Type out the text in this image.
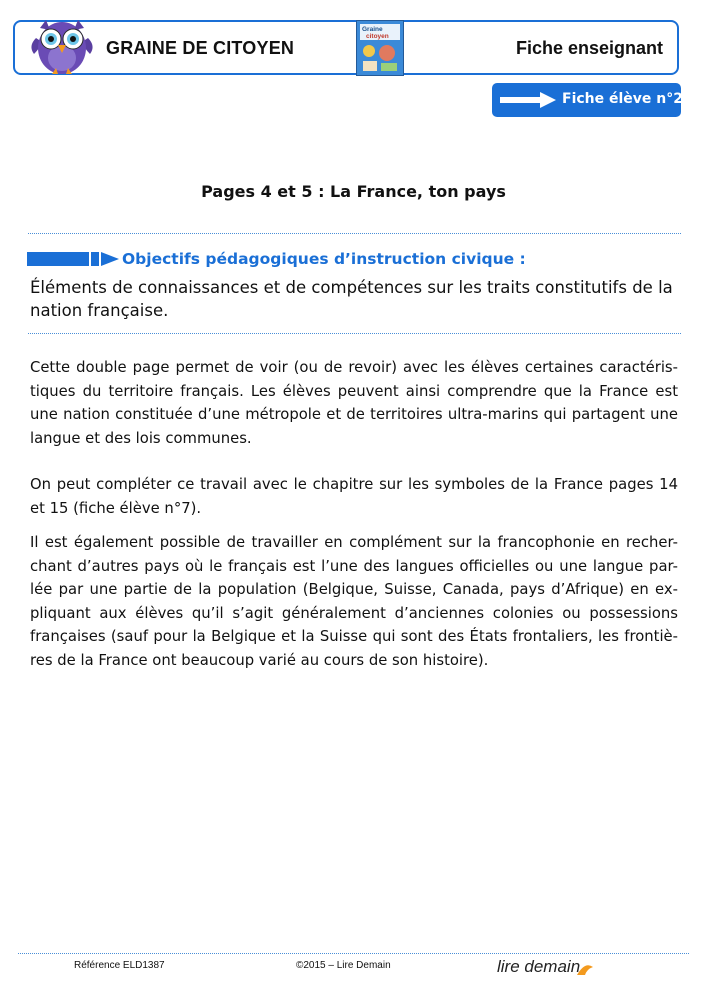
GRAINE DE CITOYEN
Graine
citoyen
Fiche enseignant
Fiche élève n°2
Pages 4 et 5 : La France, ton pays
Objectifs pédagogiques d’instruction civique :
Éléments de connaissances et de compétences sur les traits constitutifs de la nation française.

Cette double page permet de voir (ou de revoir) avec les élèves certaines caractéris-tiques du territoire français. Les élèves peuvent ainsi comprendre que la France est une nation constituée d’une métropole et de territoires ultra-marins qui partagent une langue et des lois communes.

On peut compléter ce travail avec le chapitre sur les symboles de la France pages 14 et 15 (fiche élève n°7).

Il est également possible de travailler en complément sur la francophonie en recher-chant d’autres pays où le français est l’une des langues officielles ou une langue par-lée par une partie de la population (Belgique, Suisse, Canada, pays d’Afrique) en ex-pliquant aux élèves qu’il s’agit généralement d’anciennes colonies ou possessions françaises (sauf pour la Belgique et la Suisse qui sont des États frontaliers, les frontiè-res de la France ont beaucoup varié au cours de son histoire).

Référence ELD1387	©2015 – Lire Demain	lire demain
